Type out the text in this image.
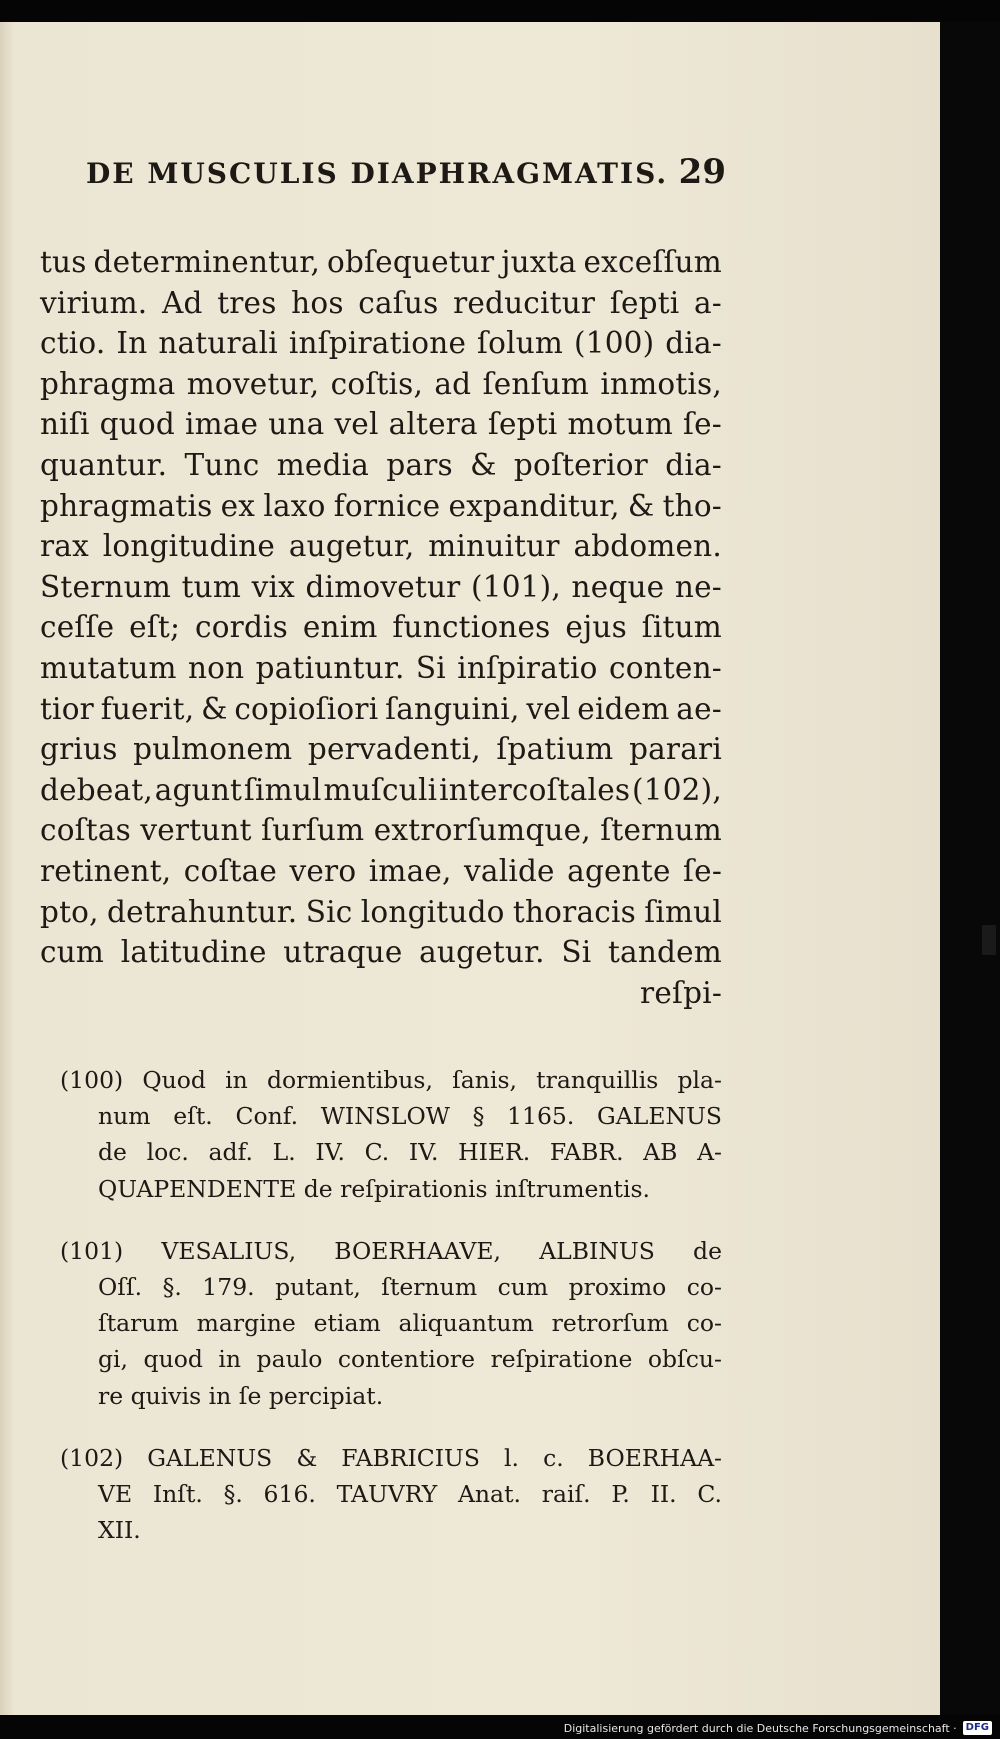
DE MUSCULIS DIAPHRAGMATIS. 29
tus determinentur, obſequetur juxta exceſſum
virium. Ad tres hos caſus reducitur ſepti a-
ctio. In naturali inſpiratione ſolum (100) dia-
phragma movetur, coſtis, ad ſenſum inmotis,
niſi quod imae una vel altera ſepti motum ſe-
quantur. Tunc media pars & poſterior dia-
phragmatis ex laxo fornice expanditur, & tho-
rax longitudine augetur, minuitur abdomen.
Sternum tum vix dimovetur (101), neque ne-
ceſſe eſt; cordis enim functiones ejus ſitum
mutatum non patiuntur. Si inſpiratio conten-
tior fuerit, & copioſiori ſanguini, vel eidem ae-
grius pulmonem pervadenti, ſpatium parari
debeat, agunt ſimul muſculi intercoſtales (102),
coſtas vertunt ſurſum extrorſumque, ſternum
retinent, coſtae vero imae, valide agente ſe-
pto, detrahuntur. Sic longitudo thoracis ſimul
cum latitudine utraque augetur. Si tandem
reſpi-
(100) Quod in dormientibus, ſanis, tranquillis pla-
num eſt. Conf. WINSLOW § 1165. GALENUS
de loc. adf. L. IV. C. IV. HIER. FABR. AB A-
QUAPENDENTE de reſpirationis inſtrumentis.
(101) VESALIUS, BOERHAAVE, ALBINUS de
Oſſ. §. 179. putant, ſternum cum proximo co-
ſtarum margine etiam aliquantum retrorſum co-
gi, quod in paulo contentiore reſpiratione obſcu-
re quivis in ſe percipiat.
(102) GALENUS & FABRICIUS l. c. BOERHAA-
VE Inſt. §. 616. TAUVRY Anat. raiſ. P. II. C.
XII.
Digitalisierung gefördert durch die Deutsche Forschungsgemeinschaft · DFG
